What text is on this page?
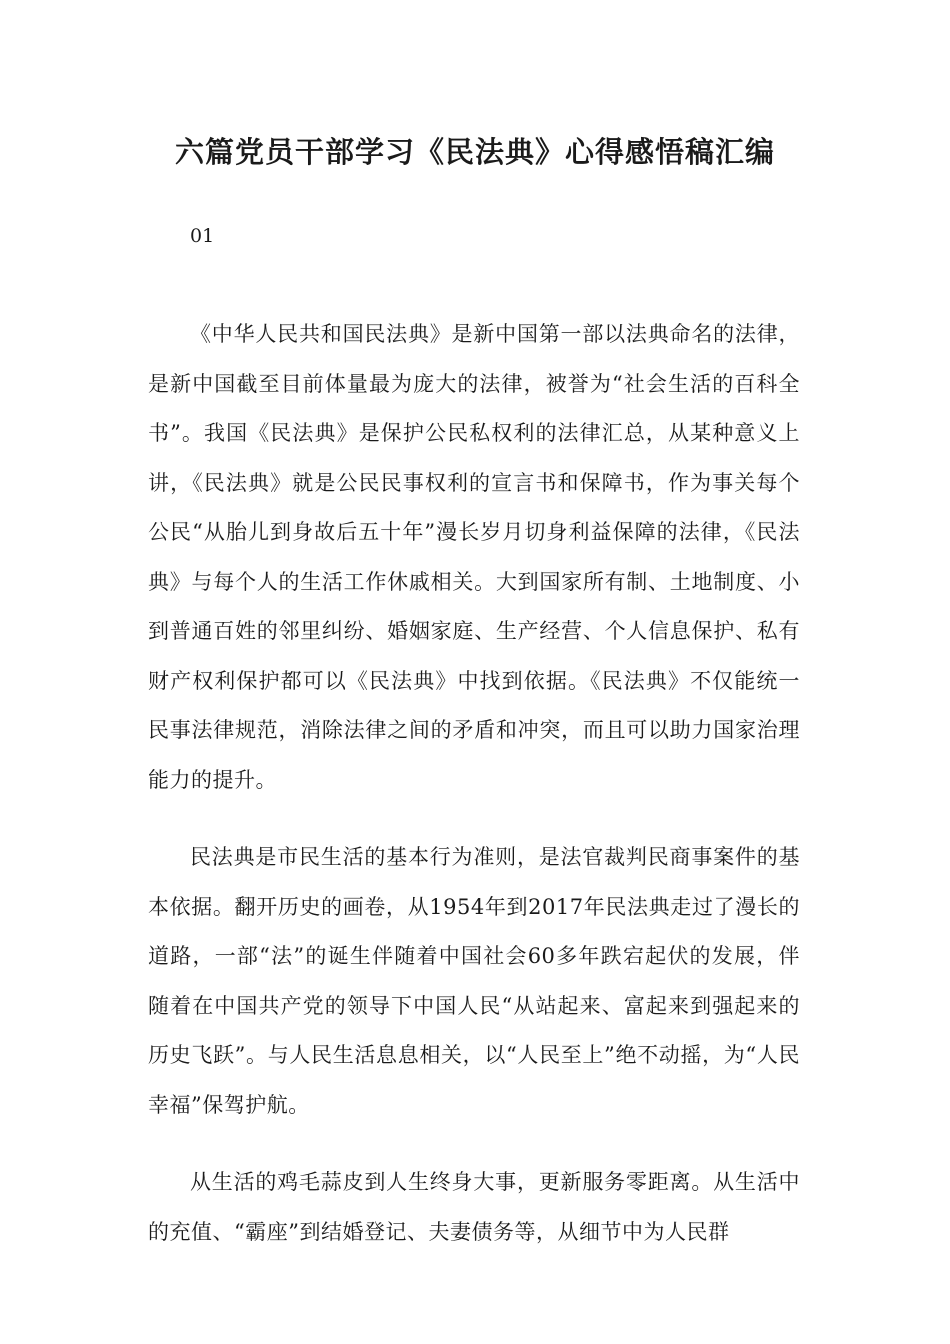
六篇党员干部学习《民法典》心得感悟稿汇编

01

《中华人民共和国民法典》是新中国第一部以法典命名的法律，是新中国截至目前体量最为庞大的法律，被誉为“社会生活的百科全书”。我国《民法典》是保护公民私权利的法律汇总，从某种意义上讲，《民法典》就是公民民事权利的宣言书和保障书，作为事关每个公民“从胎儿到身故后五十年”漫长岁月切身利益保障的法律，《民法典》与每个人的生活工作休戚相关。大到国家所有制、土地制度、小到普通百姓的邻里纠纷、婚姻家庭、生产经营、个人信息保护、私有财产权利保护都可以《民法典》中找到依据。《民法典》不仅能统一民事法律规范，消除法律之间的矛盾和冲突，而且可以助力国家治理能力的提升。

民法典是市民生活的基本行为准则，是法官裁判民商事案件的基本依据。翻开历史的画卷，从1954年到2017年民法典走过了漫长的道路，一部“法”的诞生伴随着中国社会60多年跌宕起伏的发展，伴随着在中国共产党的领导下中国人民“从站起来、富起来到强起来的历史飞跃”。与人民生活息息相关，以“人民至上”绝不动摇，为“人民幸福”保驾护航。

从生活的鸡毛蒜皮到人生终身大事，更新服务零距离。从生活中的充值、“霸座”到结婚登记、夫妻债务等，从细节中为人民群
